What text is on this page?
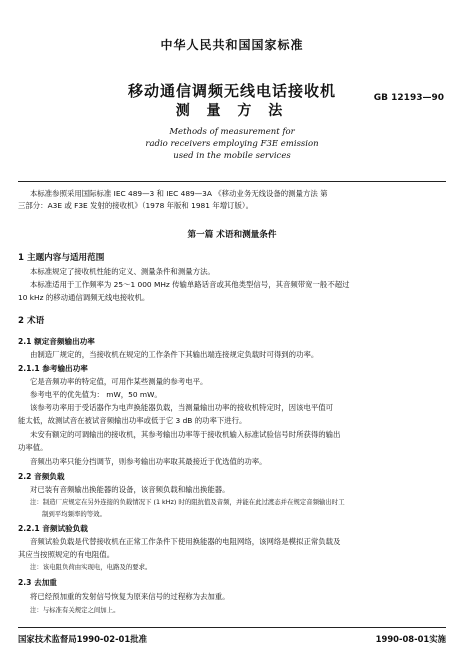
中华人民共和国国家标准
移动通信调频无线电话接收机
测 量 方 法
GB 12193—90
Methods of measurement for
radio receivers employing F3E emission
used in the mobile services
本标准参照采用国际标准 IEC 489—3 和 IEC 489—3A 《移动业务无线设备的测量方法 第
三部分：A3E 或 F3E 发射的接收机》（1978 年版和 1981 年增订版）。
第一篇 术语和测量条件
1 主题内容与适用范围
本标准规定了接收机性能的定义、测量条件和测量方法。
本标准适用于工作频率为 25～1 000 MHz 传输单路话音或其他类型信号，其音频带宽一般不超过
10 kHz 的移动通信调频无线电接收机。
2 术语
2.1 额定音频输出功率
由制造厂规定的，当接收机在规定的工作条件下其输出端连接规定负载时可得到的功率。
2.1.1 参考输出功率
它是音频功率的特定值，可用作某些测量的参考电平。
参考电平的优先值为： mW，50 mW。
该参考功率用于受话器作为电声换能器负载，当测量输出功率的接收机特定时，因该电平值可
能太低，故测试音在被试音频输出功率或低于它 3 dB 的功率下进行。
未安有额定的可调输出的接收机，其参考输出功率等于接收机输入标准试验信号时所获得的输出
功率值。
音频出功率只能分挡调节，则参考输出功率取其最接近于优选值的功率。
2.2 音频负载
对已装有音频输出换能器的设备，该音频负载和输出换能器。
注：制造厂应规定在另外连接的负载情况下 (1 kHz) 时的阻抗值及音频，并能在此过渡态并在规定音频输出时工
制到平均频率的等效。
2.2.1 音频试验负载
音频试验负载是代替接收机在正常工作条件下使用换能器的电阻网络，该网络是模拟正常负载及
其应当按照规定的有电阻值。
注：该电阻负荷由实现电，电路及的要求。
2.3 去加重
将已经预加重的发射信号恢复为原来信号的过程称为去加重。
注：与标准有关规定之间加上。
国家技术监督局1990-02-01批准	1990-08-01实施
